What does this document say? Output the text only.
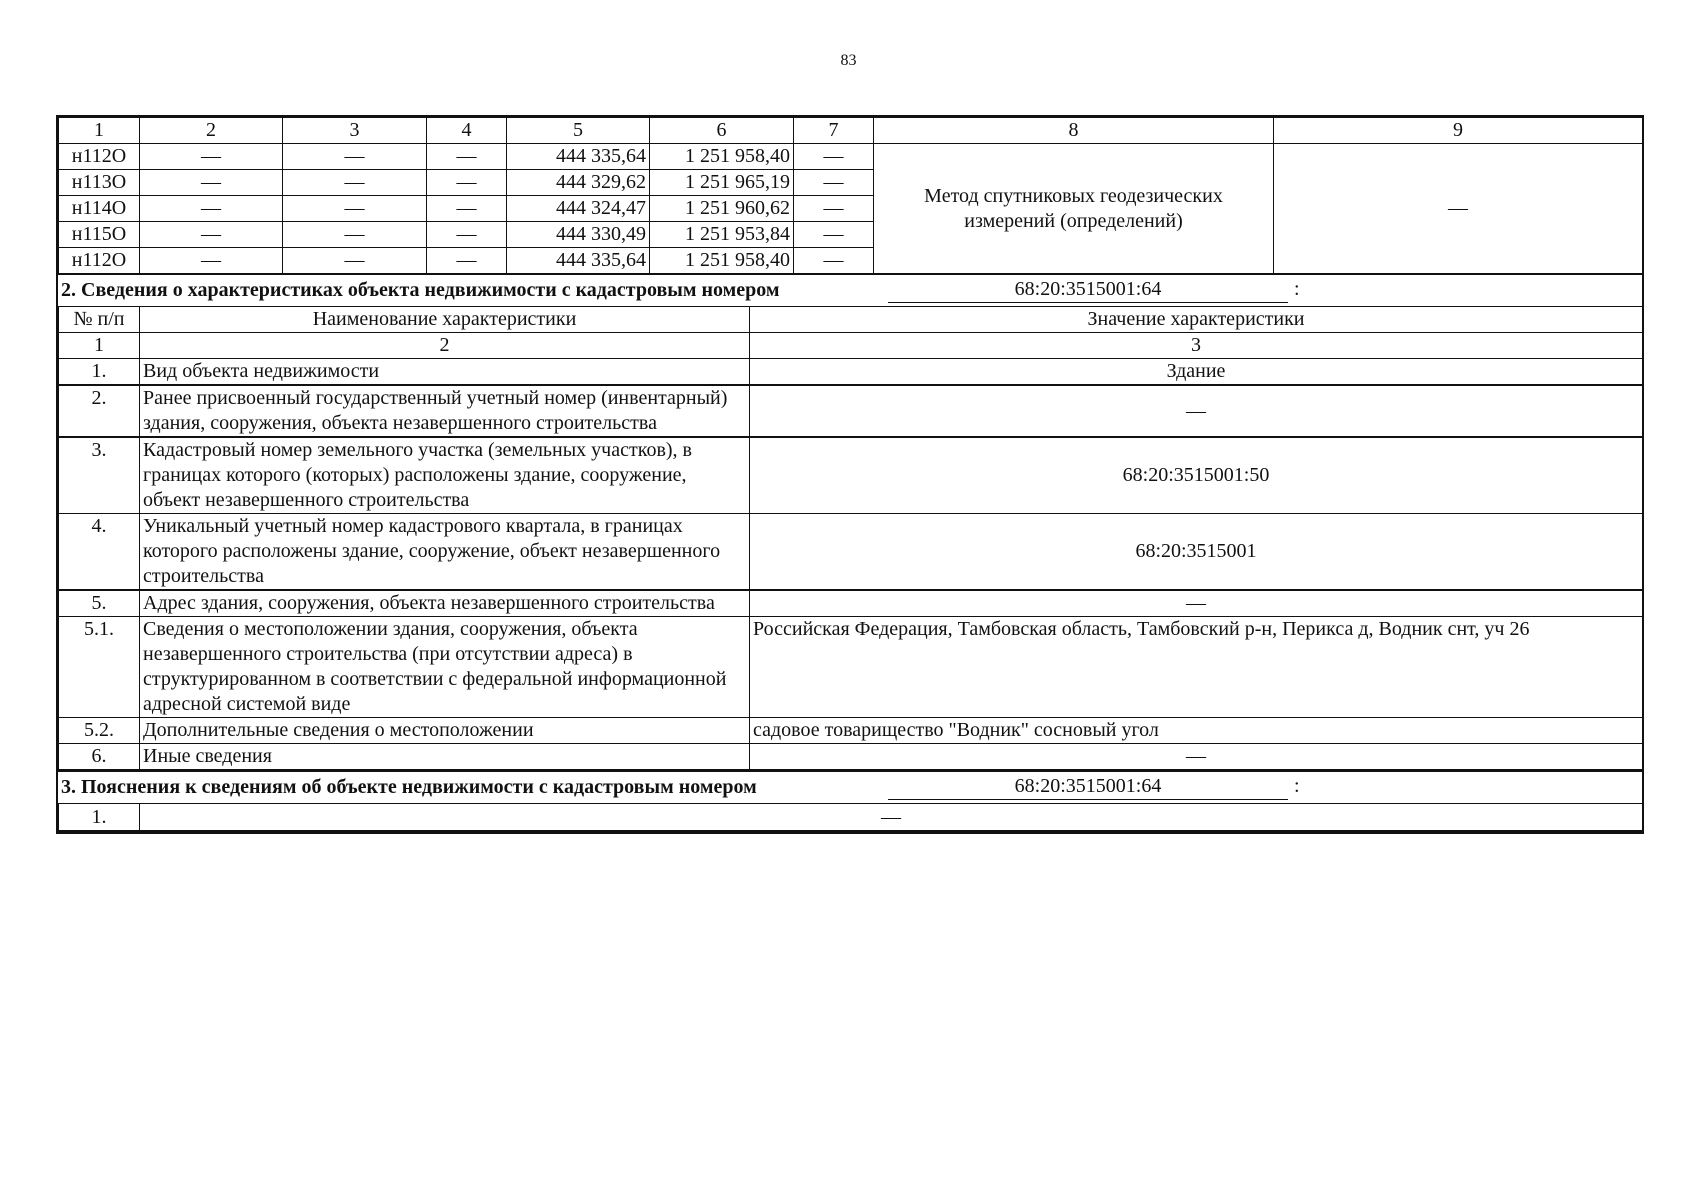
83
1	2	3	4	5	6	7	8	9
н112О	—	—	—	444 335,64	1 251 958,40	—	Метод спутниковых геодезических измерений (определений)	—
н113О	—	—	—	444 329,62	1 251 965,19	—		
н114О	—	—	—	444 324,47	1 251 960,62	—		
н115О	—	—	—	444 330,49	1 251 953,84	—		
н112О	—	—	—	444 335,64	1 251 958,40	—		
2. Сведения о характеристиках объекта недвижимости с кадастровым номером	68:20:3515001:64	:
№ п/п	Наименование характеристики	Значение характеристики
1	2	3
1.	Вид объекта недвижимости	Здание
2.	Ранее присвоенный государственный учетный номер (инвентарный) здания, сооружения, объекта незавершенного строительства	—
3.	Кадастровый номер земельного участка (земельных участков), в границах которого (которых) расположены здание, сооружение, объект незавершенного строительства	68:20:3515001:50
4.	Уникальный учетный номер кадастрового квартала, в границах которого расположены здание, сооружение, объект незавершенного строительства	68:20:3515001
5.	Адрес здания, сооружения, объекта незавершенного строительства	—
5.1.	Сведения о местоположении здания, сооружения, объекта незавершенного строительства (при отсутствии адреса) в структурированном в соответствии с федеральной информационной адресной системой виде	Российская Федерация, Тамбовская область, Тамбовский р-н, Перикса д, Водник снт, уч 26
5.2.	Дополнительные сведения о местоположении	садовое товарищество "Водник" сосновый угол
6.	Иные сведения	—
3. Пояснения к сведениям об объекте недвижимости с кадастровым номером	68:20:3515001:64	:
1.	—
